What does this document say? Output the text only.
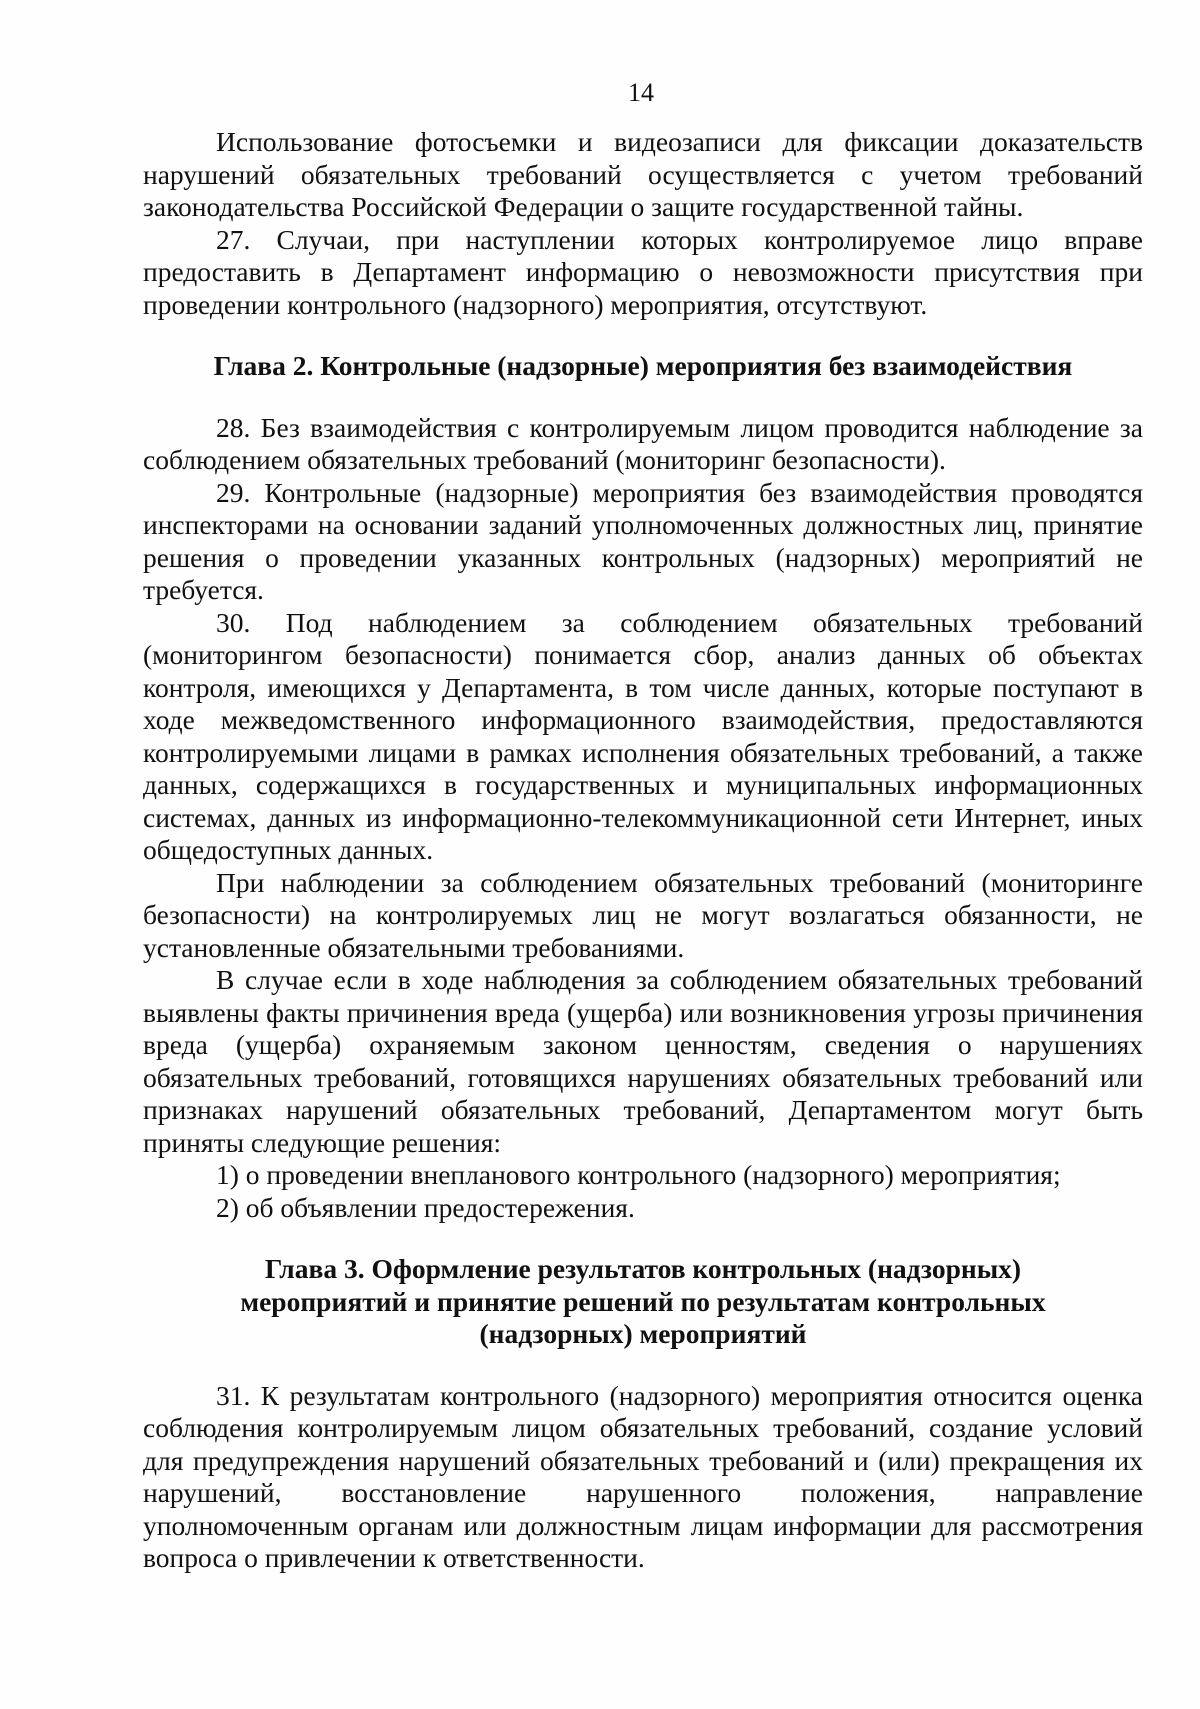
14

Использование фотосъемки и видеозаписи для фиксации доказательств нарушений обязательных требований осуществляется с учетом требований законодательства Российской Федерации о защите государственной тайны.

27. Случаи, при наступлении которых контролируемое лицо вправе предоставить в Департамент информацию о невозможности присутствия при проведении контрольного (надзорного) мероприятия, отсутствуют.

Глава 2. Контрольные (надзорные) мероприятия без взаимодействия

28. Без взаимодействия с контролируемым лицом проводится наблюдение за соблюдением обязательных требований (мониторинг безопасности).

29. Контрольные (надзорные) мероприятия без взаимодействия проводятся инспекторами на основании заданий уполномоченных должностных лиц, принятие решения о проведении указанных контрольных (надзорных) мероприятий не требуется.

30. Под наблюдением за соблюдением обязательных требований (мониторингом безопасности) понимается сбор, анализ данных об объектах контроля, имеющихся у Департамента, в том числе данных, которые поступают в ходе межведомственного информационного взаимодействия, предоставляются контролируемыми лицами в рамках исполнения обязательных требований, а также данных, содержащихся в государственных и муниципальных информационных системах, данных из информационно-телекоммуникационной сети Интернет, иных общедоступных данных.

При наблюдении за соблюдением обязательных требований (мониторинге безопасности) на контролируемых лиц не могут возлагаться обязанности, не установленные обязательными требованиями.

В случае если в ходе наблюдения за соблюдением обязательных требований выявлены факты причинения вреда (ущерба) или возникновения угрозы причинения вреда (ущерба) охраняемым законом ценностям, сведения о нарушениях обязательных требований, готовящихся нарушениях обязательных требований или признаках нарушений обязательных требований, Департаментом могут быть приняты следующие решения:

1) о проведении внепланового контрольного (надзорного) мероприятия;

2) об объявлении предостережения.

Глава 3. Оформление результатов контрольных (надзорных)
мероприятий и принятие решений по результатам контрольных
(надзорных) мероприятий

31. К результатам контрольного (надзорного) мероприятия относится оценка соблюдения контролируемым лицом обязательных требований, создание условий для предупреждения нарушений обязательных требований и (или) прекращения их нарушений, восстановление нарушенного положения, направление уполномоченным органам или должностным лицам информации для рассмотрения вопроса о привлечении к ответственности.
